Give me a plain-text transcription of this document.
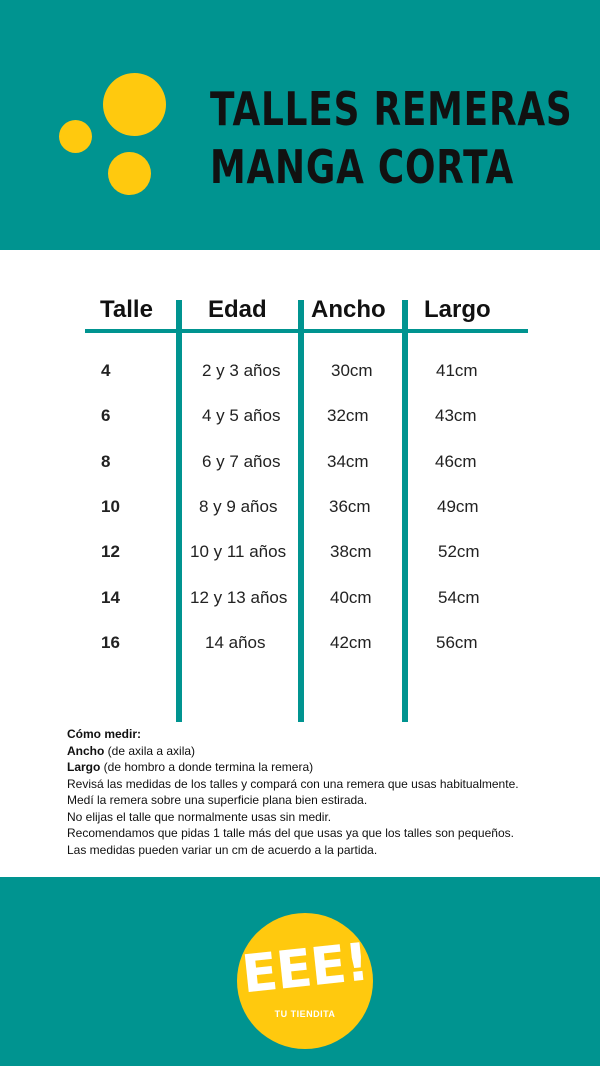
TALLES REMERAS
MANGA CORTA
Talle Edad Ancho Largo
4	2 y 3 años	30cm	41cm
6	4 y 5 años	32cm	43cm
8	6 y 7 años	34cm	46cm
10	8 y 9 años	36cm	49cm
12	10 y 11 años	38cm	52cm
14	12 y 13 años	40cm	54cm
16	14 años	42cm	56cm
Cómo medir:
Ancho (de axila a axila)
Largo (de hombro a donde termina la remera)
Revisá las medidas de los talles y compará con una remera que usas habitualmente.
Medí la remera sobre una superficie plana bien estirada.
No elijas el talle que normalmente usas sin medir.
Recomendamos que pidas 1 talle más del que usas ya que los talles son pequeños.
Las medidas pueden variar un cm de acuerdo a la partida.
EEE!
TU TIENDITA
